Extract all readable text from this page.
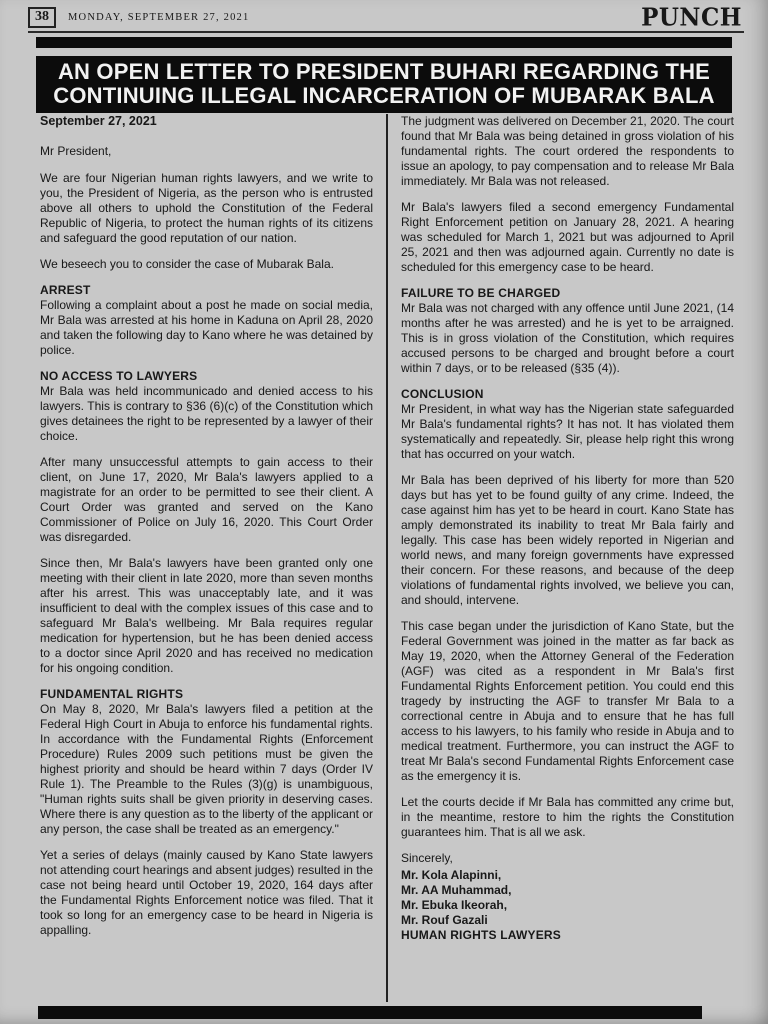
38	MONDAY, SEPTEMBER 27, 2021	PUNCH
AN OPEN LETTER TO PRESIDENT BUHARI REGARDING THE
CONTINUING ILLEGAL INCARCERATION OF MUBARAK BALA

September 27, 2021

Mr President,

We are four Nigerian human rights lawyers, and we write to you, the President of Nigeria, as the person who is entrusted above all others to uphold the Constitution of the Federal Republic of Nigeria, to protect the human rights of its citizens and safeguard the good reputation of our nation.

We beseech you to consider the case of Mubarak Bala.

ARREST

Following a complaint about a post he made on social media, Mr Bala was arrested at his home in Kaduna on April 28, 2020 and taken the following day to Kano where he was detained by police.

NO ACCESS TO LAWYERS

Mr Bala was held incommunicado and denied access to his lawyers. This is contrary to §36 (6)(c) of the Constitution which gives detainees the right to be represented by a lawyer of their choice.

After many unsuccessful attempts to gain access to their client, on June 17, 2020, Mr Bala's lawyers applied to a magistrate for an order to be permitted to see their client. A Court Order was granted and served on the Kano Commissioner of Police on July 16, 2020. This Court Order was disregarded.

Since then, Mr Bala's lawyers have been granted only one meeting with their client in late 2020, more than seven months after his arrest. This was unacceptably late, and it was insufficient to deal with the complex issues of this case and to safeguard Mr Bala's wellbeing. Mr Bala requires regular medication for hypertension, but he has been denied access to a doctor since April 2020 and has received no medication for his ongoing condition.

FUNDAMENTAL RIGHTS

On May 8, 2020, Mr Bala's lawyers filed a petition at the Federal High Court in Abuja to enforce his fundamental rights. In accordance with the Fundamental Rights (Enforcement Procedure) Rules 2009 such petitions must be given the highest priority and should be heard within 7 days (Order IV Rule 1). The Preamble to the Rules (3)(g) is unambiguous, "Human rights suits shall be given priority in deserving cases. Where there is any question as to the liberty of the applicant or any person, the case shall be treated as an emergency."

Yet a series of delays (mainly caused by Kano State lawyers not attending court hearings and absent judges) resulted in the case not being heard until October 19, 2020, 164 days after the Fundamental Rights Enforcement notice was filed. That it took so long for an emergency case to be heard in Nigeria is appalling.

The judgment was delivered on December 21, 2020. The court found that Mr Bala was being detained in gross violation of his fundamental rights. The court ordered the respondents to issue an apology, to pay compensation and to release Mr Bala immediately. Mr Bala was not released.

Mr Bala's lawyers filed a second emergency Fundamental Right Enforcement petition on January 28, 2021. A hearing was scheduled for March 1, 2021 but was adjourned to April 25, 2021 and then was adjourned again. Currently no date is scheduled for this emergency case to be heard.

FAILURE TO BE CHARGED

Mr Bala was not charged with any offence until June 2021, (14 months after he was arrested) and he is yet to be arraigned. This is in gross violation of the Constitution, which requires accused persons to be charged and brought before a court within 7 days, or to be released (§35 (4)).

CONCLUSION

Mr President, in what way has the Nigerian state safeguarded Mr Bala's fundamental rights? It has not. It has violated them systematically and repeatedly. Sir, please help right this wrong that has occurred on your watch.

Mr Bala has been deprived of his liberty for more than 520 days but has yet to be found guilty of any crime. Indeed, the case against him has yet to be heard in court. Kano State has amply demonstrated its inability to treat Mr Bala fairly and legally. This case has been widely reported in Nigerian and world news, and many foreign governments have expressed their concern. For these reasons, and because of the deep violations of fundamental rights involved, we believe you can, and should, intervene.

This case began under the jurisdiction of Kano State, but the Federal Government was joined in the matter as far back as May 19, 2020, when the Attorney General of the Federation (AGF) was cited as a respondent in Mr Bala's first Fundamental Rights Enforcement petition. You could end this tragedy by instructing the AGF to transfer Mr Bala to a correctional centre in Abuja and to ensure that he has full access to his lawyers, to his family who reside in Abuja and to medical treatment. Furthermore, you can instruct the AGF to treat Mr Bala's second Fundamental Rights Enforcement case as the emergency it is.

Let the courts decide if Mr Bala has committed any crime but, in the meantime, restore to him the rights the Constitution guarantees him. That is all we ask.

Sincerely,

Mr. Kola Alapinni,

Mr. AA Muhammad,

Mr. Ebuka Ikeorah,

Mr. Rouf Gazali

HUMAN RIGHTS LAWYERS
